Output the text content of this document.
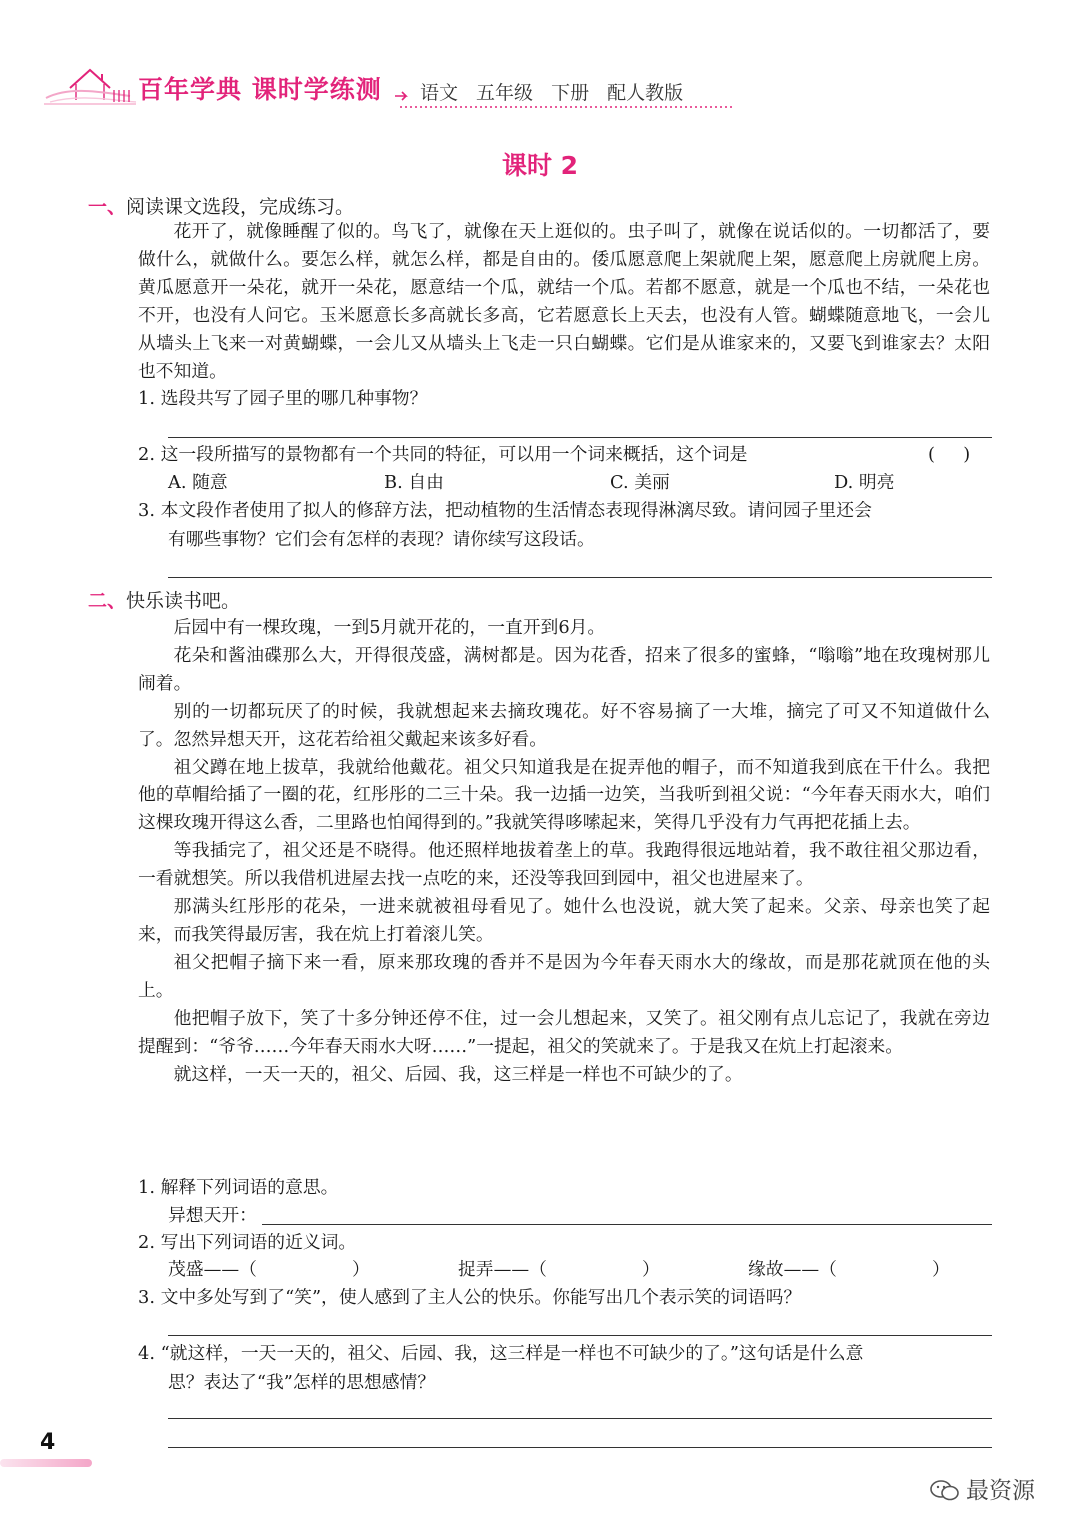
百年学典 课时学练测 语文 五年级 下册 配人教版
课时 2
一、阅读课文选段，完成练习。

花开了，就像睡醒了似的。鸟飞了，就像在天上逛似的。虫子叫了，就像在说话似的。一切都活了，要做什么，就做什么。要怎么样，就怎么样，都是自由的。倭瓜愿意爬上架就爬上架，愿意爬上房就爬上房。黄瓜愿意开一朵花，就开一朵花，愿意结一个瓜，就结一个瓜。若都不愿意，就是一个瓜也不结，一朵花也不开，也没有人问它。玉米愿意长多高就长多高，它若愿意长上天去，也没有人管。蝴蝶随意地飞，一会儿从墙头上飞来一对黄蝴蝶，一会儿又从墙头上飞走一只白蝴蝶。它们是从谁家来的，又要飞到谁家去？太阳也不知道。

1. 选段共写了园子里的哪几种事物？
2. 这一段所描写的景物都有一个共同的特征，可以用一个词来概括，这个词是	(     )
A. 随意	B. 自由	C. 美丽	D. 明亮
3. 本文段作者使用了拟人的修辞方法，把动植物的生活情态表现得淋漓尽致。请问园子里还会
有哪些事物？它们会有怎样的表现？请你续写这段话。
二、快乐读书吧。

后园中有一棵玫瑰，一到5月就开花的，一直开到6月。

花朵和酱油碟那么大，开得很茂盛，满树都是。因为花香，招来了很多的蜜蜂，“嗡嗡”地在玫瑰树那儿闹着。

别的一切都玩厌了的时候，我就想起来去摘玫瑰花。好不容易摘了一大堆，摘完了可又不知道做什么了。忽然异想天开，这花若给祖父戴起来该多好看。

祖父蹲在地上拔草，我就给他戴花。祖父只知道我是在捉弄他的帽子，而不知道我到底在干什么。我把他的草帽给插了一圈的花，红彤彤的二三十朵。我一边插一边笑，当我听到祖父说：“今年春天雨水大，咱们这棵玫瑰开得这么香，二里路也怕闻得到的。”我就笑得哆嗦起来，笑得几乎没有力气再把花插上去。

等我插完了，祖父还是不晓得。他还照样地拔着垄上的草。我跑得很远地站着，我不敢往祖父那边看，一看就想笑。所以我借机进屋去找一点吃的来，还没等我回到园中，祖父也进屋来了。

那满头红彤彤的花朵，一进来就被祖母看见了。她什么也没说，就大笑了起来。父亲、母亲也笑了起来，而我笑得最厉害，我在炕上打着滚儿笑。

祖父把帽子摘下来一看，原来那玫瑰的香并不是因为今年春天雨水大的缘故，而是那花就顶在他的头上。

他把帽子放下，笑了十多分钟还停不住，过一会儿想起来，又笑了。祖父刚有点儿忘记了，我就在旁边提醒到：“爷爷……今年春天雨水大呀……”一提起，祖父的笑就来了。于是我又在炕上打起滚来。

就这样，一天一天的，祖父、后园、我，这三样是一样也不可缺少的了。

1. 解释下列词语的意思。
异想天开：
2. 写出下列词语的近义词。
茂盛——（	）	捉弄——（	）	缘故——（	）
3. 文中多处写到了“笑”，使人感到了主人公的快乐。你能写出几个表示笑的词语吗？
4. “就这样，一天一天的，祖父、后园、我，这三样是一样也不可缺少的了。”这句话是什么意
思？表达了“我”怎样的思想感情？
4
最资源
